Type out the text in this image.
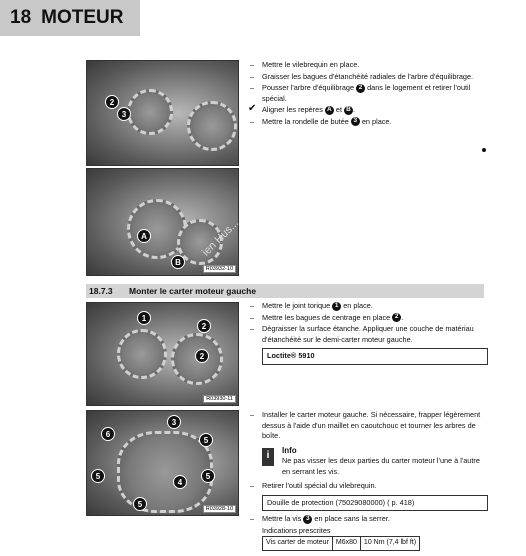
18 MOTEUR
2
3
A
B
R03932-10
1
2
2
R03930-11
3
6
5
5
4
5
5
R03928-10
– Mettre le vilebrequin en place.
– Graisser les bagues d'étanchéité radiales de l'arbre d'équilibrage.
– Pousser l'arbre d'équilibrage 2 dans le logement et retirer l'outil spécial.
✔ Aligner les repères A et B .
– Mettre la rondelle de butée 3 en place.
18.7.3	Monter le carter moteur gauche
– Mettre le joint torique 1 en place.
– Mettre les bagues de centrage en place 2 .
– Dégraisser la surface étanche. Appliquer une couche de matériau d'étanchéité sur le demi-carter moteur gauche.
Loctite® 5910
– Installer le carter moteur gauche. Si nécessaire, frapper légèrement dessus à l'aide d'un maillet en caoutchouc et tourner les arbres de boîte.
i
Info
Ne pas visser les deux parties du carter moteur l'une à l'autre en serrant les vis.
– Retirer l'outil spécial du vilebrequin.
Douille de protection (75029080000) ( p. 418)
– Mettre la vis 3 en place sans la serrer.
Indications prescrites
Vis carter de moteur	M6x80	10 Nm (7,4 lbf ft)
ien Hus...
